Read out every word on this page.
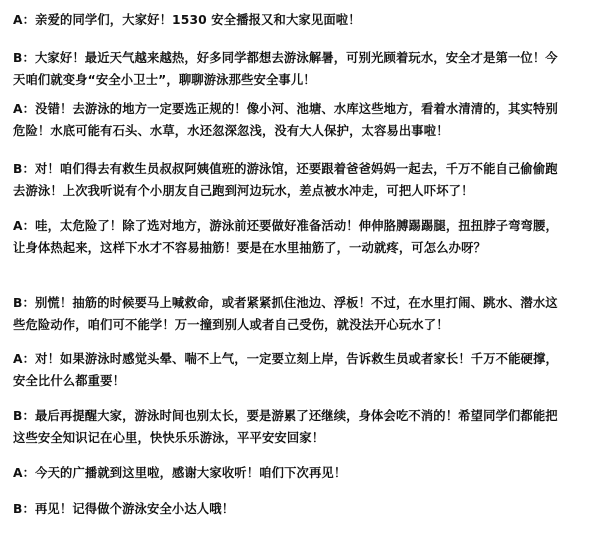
A：亲爱的同学们，大家好！1530 安全播报又和大家见面啦！

B：大家好！最近天气越来越热，好多同学都想去游泳解暑，可别光顾着玩水，安全才是第一位！今天咱们就变身“安全小卫士”，聊聊游泳那些安全事儿！

A：没错！去游泳的地方一定要选正规的！像小河、池塘、水库这些地方，看着水清清的，其实特别危险！水底可能有石头、水草，水还忽深忽浅，没有大人保护，太容易出事啦！

B：对！咱们得去有救生员叔叔阿姨值班的游泳馆，还要跟着爸爸妈妈一起去，千万不能自己偷偷跑去游泳！上次我听说有个小朋友自己跑到河边玩水，差点被水冲走，可把人吓坏了！

A：哇，太危险了！除了选对地方，游泳前还要做好准备活动！伸伸胳膊踢踢腿，扭扭脖子弯弯腰，让身体热起来，这样下水才不容易抽筋！要是在水里抽筋了，一动就疼，可怎么办呀？

B：别慌！抽筋的时候要马上喊救命，或者紧紧抓住池边、浮板！不过，在水里打闹、跳水、潜水这些危险动作，咱们可不能学！万一撞到别人或者自己受伤，就没法开心玩水了！

A：对！如果游泳时感觉头晕、喘不上气，一定要立刻上岸，告诉救生员或者家长！千万不能硬撑，安全比什么都重要！

B：最后再提醒大家，游泳时间也别太长，要是游累了还继续，身体会吃不消的！希望同学们都能把这些安全知识记在心里，快快乐乐游泳，平平安安回家！

A：今天的广播就到这里啦，感谢大家收听！咱们下次再见！

B：再见！记得做个游泳安全小达人哦！
